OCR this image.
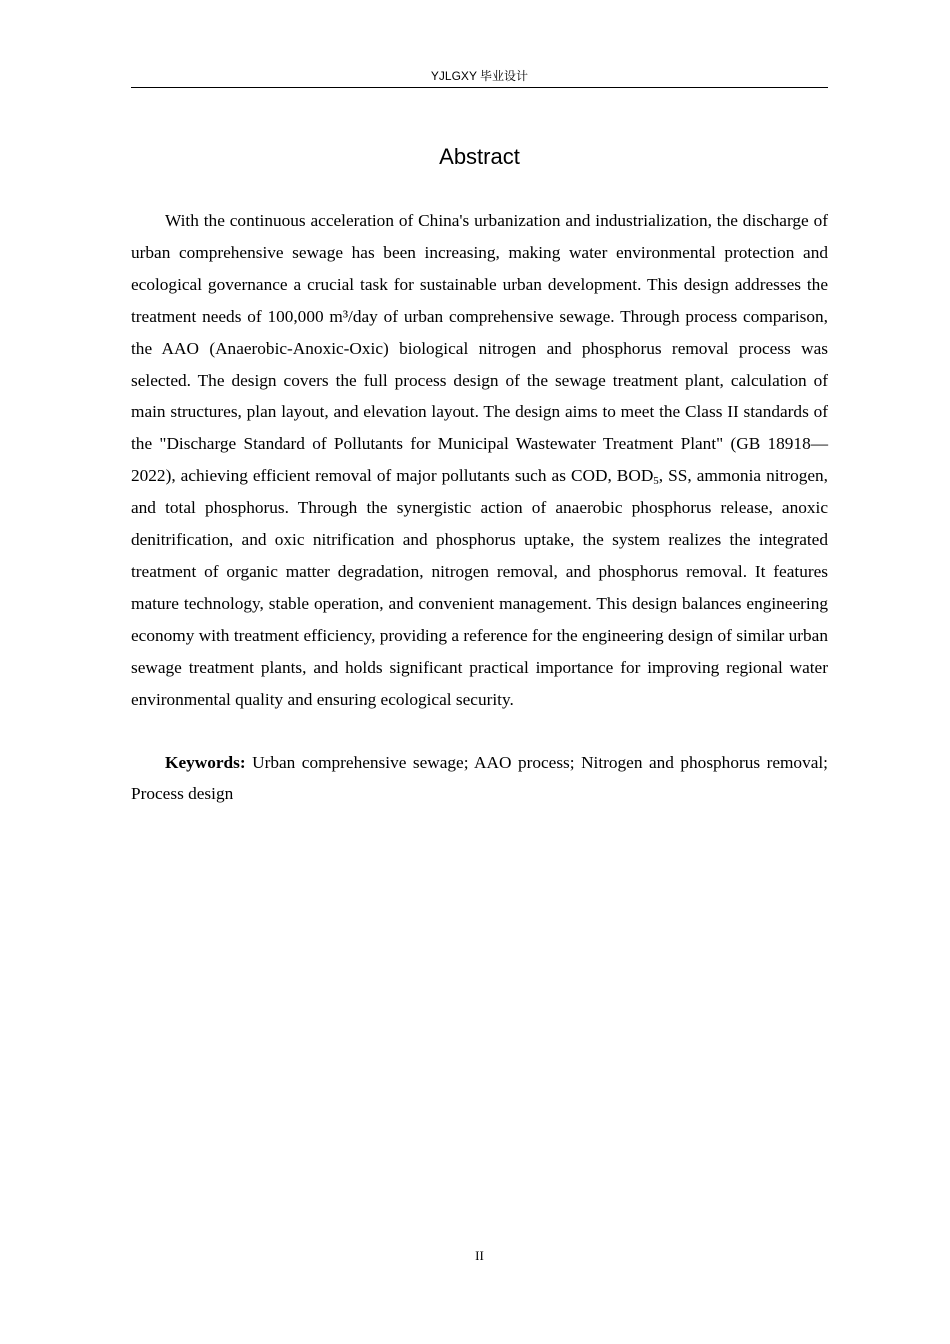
YJLGXY 毕业设计
Abstract

With the continuous acceleration of China's urbanization and industrialization, the discharge of urban comprehensive sewage has been increasing, making water environmental protection and ecological governance a crucial task for sustainable urban development. This design addresses the treatment needs of 100,000 m³/day of urban comprehensive sewage. Through process comparison, the AAO (Anaerobic-Anoxic-Oxic) biological nitrogen and phosphorus removal process was selected. The design covers the full process design of the sewage treatment plant, calculation of main structures, plan layout, and elevation layout. The design aims to meet the Class II standards of the "Discharge Standard of Pollutants for Municipal Wastewater Treatment Plant" (GB 18918—2022), achieving efficient removal of major pollutants such as COD, $BOD_5$, SS, ammonia nitrogen, and total phosphorus. Through the synergistic action of anaerobic phosphorus release, anoxic denitrification, and oxic nitrification and phosphorus uptake, the system realizes the integrated treatment of organic matter degradation, nitrogen removal, and phosphorus removal. It features mature technology, stable operation, and convenient management. This design balances engineering economy with treatment efficiency, providing a reference for the engineering design of similar urban sewage treatment plants, and holds significant practical importance for improving regional water environmental quality and ensuring ecological security.

Keywords: Urban comprehensive sewage; AAO process; Nitrogen and phosphorus removal; Process design

II
